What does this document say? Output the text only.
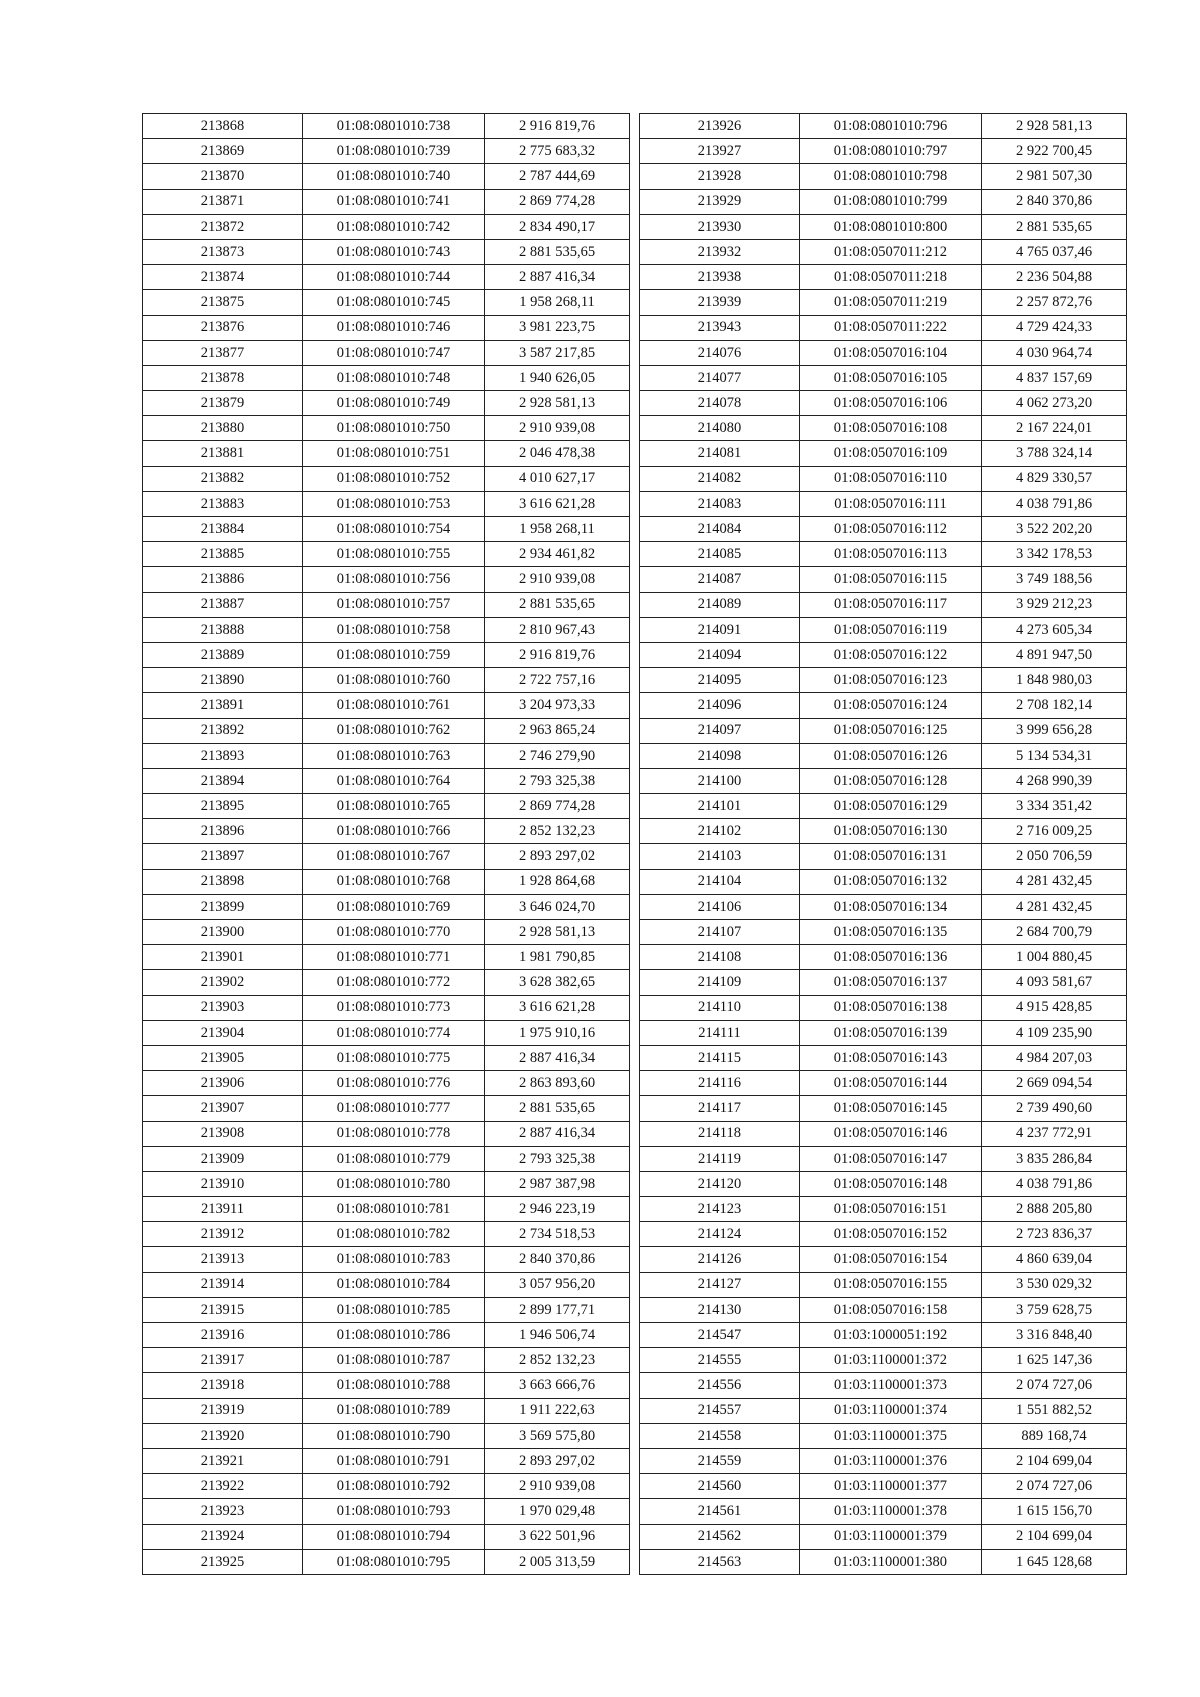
213868	01:08:0801010:738	2 916 819,76
213869	01:08:0801010:739	2 775 683,32
213870	01:08:0801010:740	2 787 444,69
213871	01:08:0801010:741	2 869 774,28
213872	01:08:0801010:742	2 834 490,17
213873	01:08:0801010:743	2 881 535,65
213874	01:08:0801010:744	2 887 416,34
213875	01:08:0801010:745	1 958 268,11
213876	01:08:0801010:746	3 981 223,75
213877	01:08:0801010:747	3 587 217,85
213878	01:08:0801010:748	1 940 626,05
213879	01:08:0801010:749	2 928 581,13
213880	01:08:0801010:750	2 910 939,08
213881	01:08:0801010:751	2 046 478,38
213882	01:08:0801010:752	4 010 627,17
213883	01:08:0801010:753	3 616 621,28
213884	01:08:0801010:754	1 958 268,11
213885	01:08:0801010:755	2 934 461,82
213886	01:08:0801010:756	2 910 939,08
213887	01:08:0801010:757	2 881 535,65
213888	01:08:0801010:758	2 810 967,43
213889	01:08:0801010:759	2 916 819,76
213890	01:08:0801010:760	2 722 757,16
213891	01:08:0801010:761	3 204 973,33
213892	01:08:0801010:762	2 963 865,24
213893	01:08:0801010:763	2 746 279,90
213894	01:08:0801010:764	2 793 325,38
213895	01:08:0801010:765	2 869 774,28
213896	01:08:0801010:766	2 852 132,23
213897	01:08:0801010:767	2 893 297,02
213898	01:08:0801010:768	1 928 864,68
213899	01:08:0801010:769	3 646 024,70
213900	01:08:0801010:770	2 928 581,13
213901	01:08:0801010:771	1 981 790,85
213902	01:08:0801010:772	3 628 382,65
213903	01:08:0801010:773	3 616 621,28
213904	01:08:0801010:774	1 975 910,16
213905	01:08:0801010:775	2 887 416,34
213906	01:08:0801010:776	2 863 893,60
213907	01:08:0801010:777	2 881 535,65
213908	01:08:0801010:778	2 887 416,34
213909	01:08:0801010:779	2 793 325,38
213910	01:08:0801010:780	2 987 387,98
213911	01:08:0801010:781	2 946 223,19
213912	01:08:0801010:782	2 734 518,53
213913	01:08:0801010:783	2 840 370,86
213914	01:08:0801010:784	3 057 956,20
213915	01:08:0801010:785	2 899 177,71
213916	01:08:0801010:786	1 946 506,74
213917	01:08:0801010:787	2 852 132,23
213918	01:08:0801010:788	3 663 666,76
213919	01:08:0801010:789	1 911 222,63
213920	01:08:0801010:790	3 569 575,80
213921	01:08:0801010:791	2 893 297,02
213922	01:08:0801010:792	2 910 939,08
213923	01:08:0801010:793	1 970 029,48
213924	01:08:0801010:794	3 622 501,96
213925	01:08:0801010:795	2 005 313,59
213926	01:08:0801010:796	2 928 581,13
213927	01:08:0801010:797	2 922 700,45
213928	01:08:0801010:798	2 981 507,30
213929	01:08:0801010:799	2 840 370,86
213930	01:08:0801010:800	2 881 535,65
213932	01:08:0507011:212	4 765 037,46
213938	01:08:0507011:218	2 236 504,88
213939	01:08:0507011:219	2 257 872,76
213943	01:08:0507011:222	4 729 424,33
214076	01:08:0507016:104	4 030 964,74
214077	01:08:0507016:105	4 837 157,69
214078	01:08:0507016:106	4 062 273,20
214080	01:08:0507016:108	2 167 224,01
214081	01:08:0507016:109	3 788 324,14
214082	01:08:0507016:110	4 829 330,57
214083	01:08:0507016:111	4 038 791,86
214084	01:08:0507016:112	3 522 202,20
214085	01:08:0507016:113	3 342 178,53
214087	01:08:0507016:115	3 749 188,56
214089	01:08:0507016:117	3 929 212,23
214091	01:08:0507016:119	4 273 605,34
214094	01:08:0507016:122	4 891 947,50
214095	01:08:0507016:123	1 848 980,03
214096	01:08:0507016:124	2 708 182,14
214097	01:08:0507016:125	3 999 656,28
214098	01:08:0507016:126	5 134 534,31
214100	01:08:0507016:128	4 268 990,39
214101	01:08:0507016:129	3 334 351,42
214102	01:08:0507016:130	2 716 009,25
214103	01:08:0507016:131	2 050 706,59
214104	01:08:0507016:132	4 281 432,45
214106	01:08:0507016:134	4 281 432,45
214107	01:08:0507016:135	2 684 700,79
214108	01:08:0507016:136	1 004 880,45
214109	01:08:0507016:137	4 093 581,67
214110	01:08:0507016:138	4 915 428,85
214111	01:08:0507016:139	4 109 235,90
214115	01:08:0507016:143	4 984 207,03
214116	01:08:0507016:144	2 669 094,54
214117	01:08:0507016:145	2 739 490,60
214118	01:08:0507016:146	4 237 772,91
214119	01:08:0507016:147	3 835 286,84
214120	01:08:0507016:148	4 038 791,86
214123	01:08:0507016:151	2 888 205,80
214124	01:08:0507016:152	2 723 836,37
214126	01:08:0507016:154	4 860 639,04
214127	01:08:0507016:155	3 530 029,32
214130	01:08:0507016:158	3 759 628,75
214547	01:03:1000051:192	3 316 848,40
214555	01:03:1100001:372	1 625 147,36
214556	01:03:1100001:373	2 074 727,06
214557	01:03:1100001:374	1 551 882,52
214558	01:03:1100001:375	889 168,74
214559	01:03:1100001:376	2 104 699,04
214560	01:03:1100001:377	2 074 727,06
214561	01:03:1100001:378	1 615 156,70
214562	01:03:1100001:379	2 104 699,04
214563	01:03:1100001:380	1 645 128,68
